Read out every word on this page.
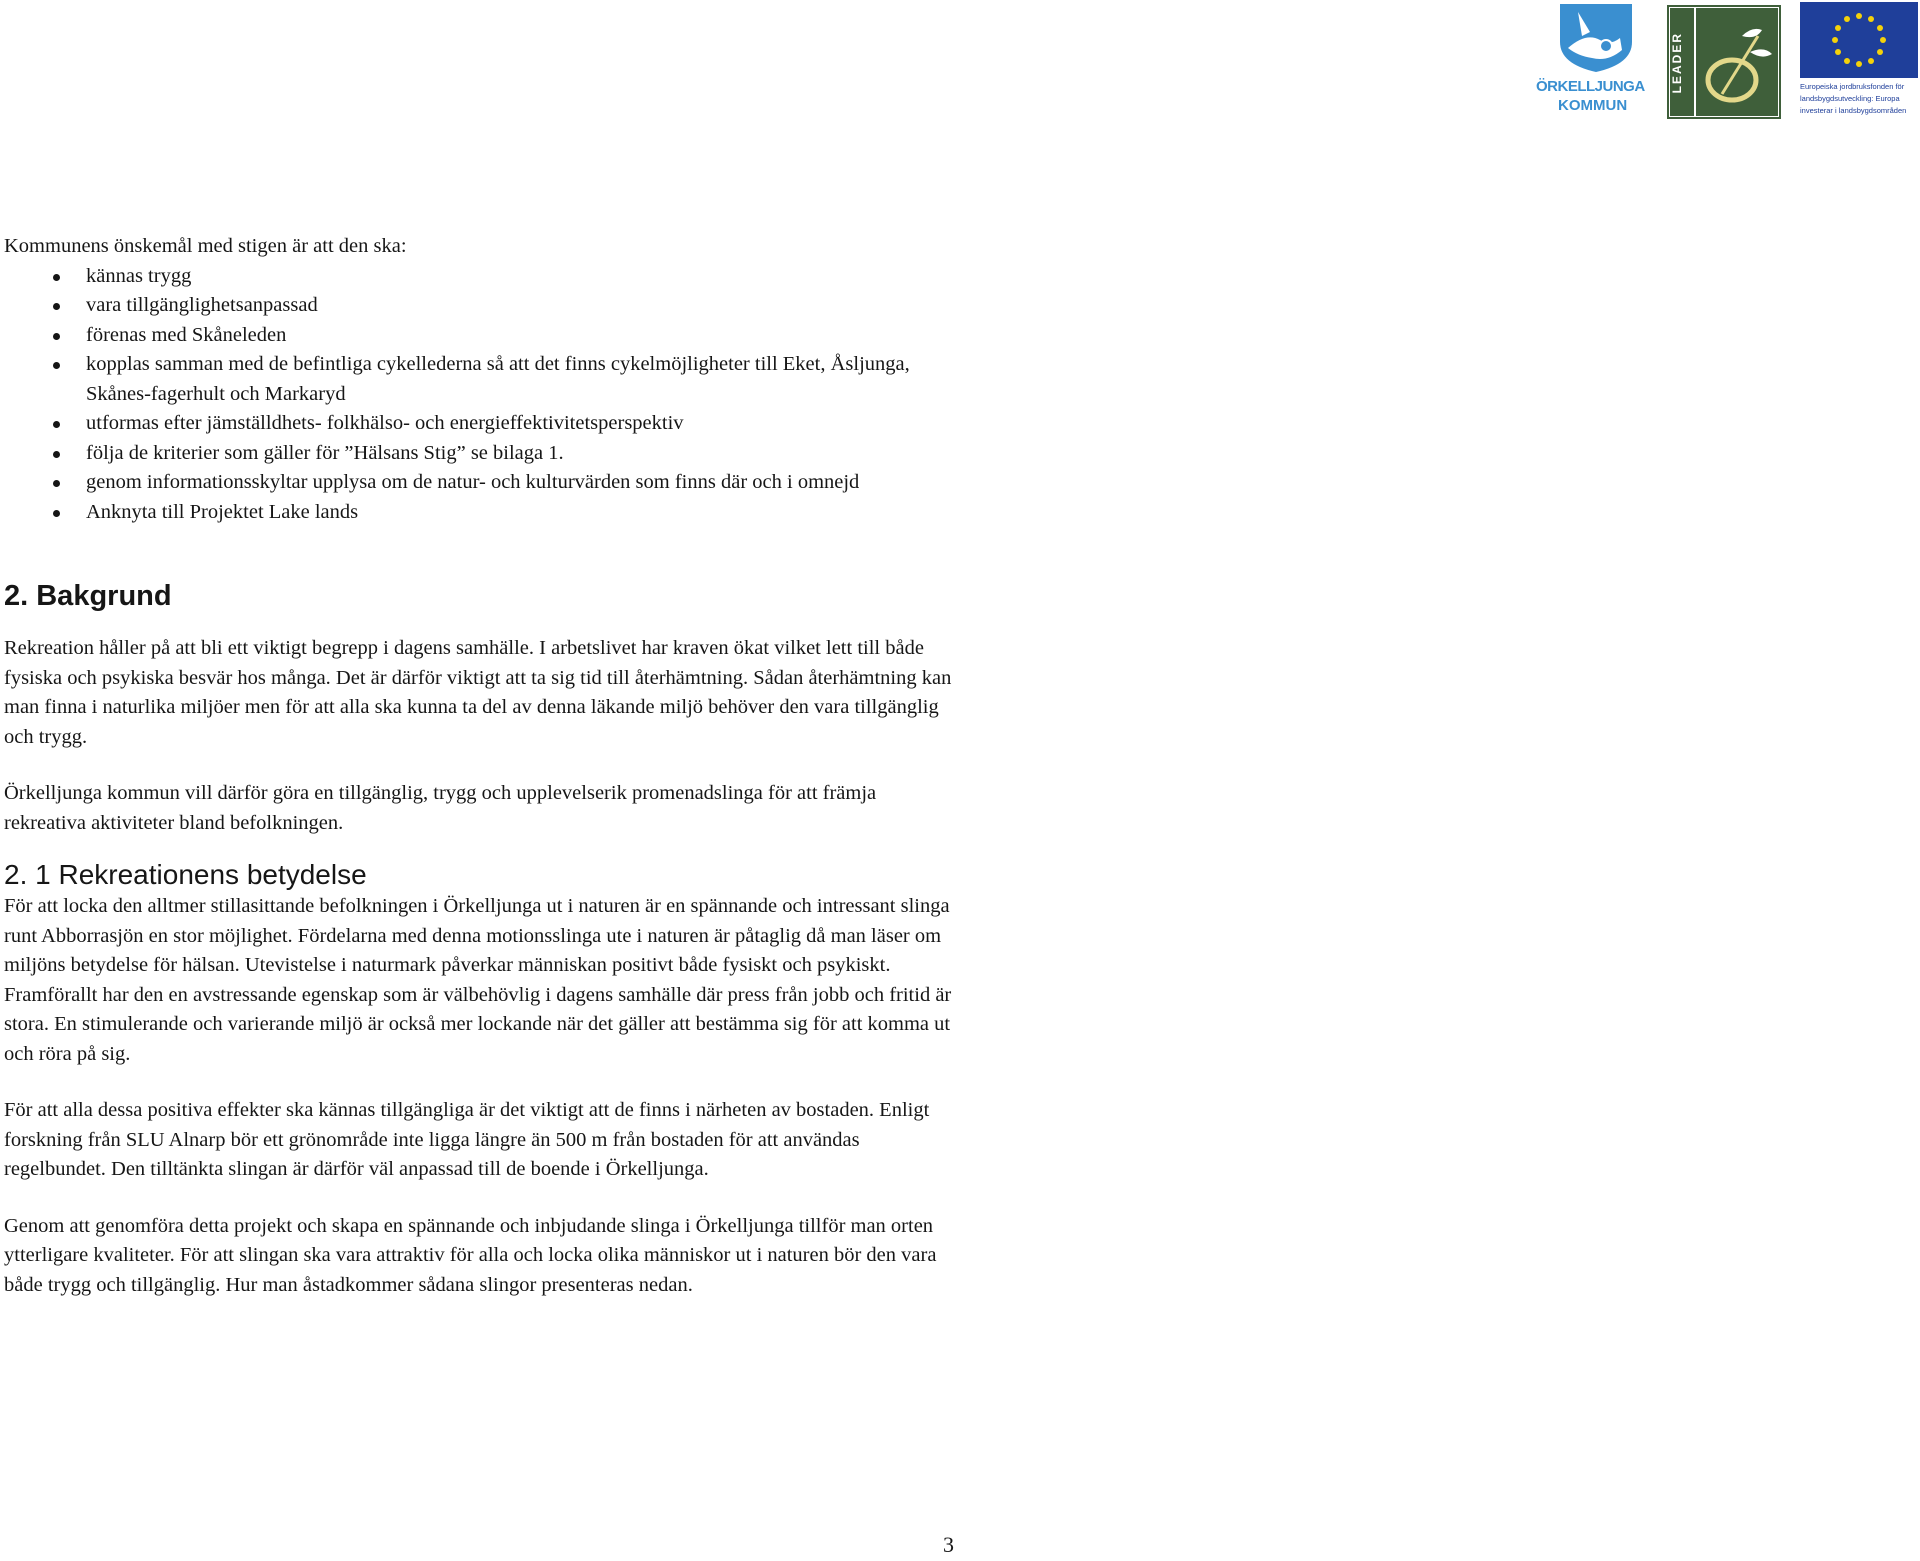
ÖRKELLJUNGA
KOMMUN
LEADER	Europeiska jordbruksfonden för
landsbygdsutveckling: Europa
investerar i landsbygdsområden

Kommunens önskemål med stigen är att den ska:

kännas trygg
vara tillgänglighetsanpassad
förenas med Skåneleden
kopplas samman med de befintliga cykellederna så att det finns cykelmöjligheter till Eket, Åsljunga, Skånes-fagerhult och Markaryd
utformas efter jämställdhets- folkhälso- och energieffektivitetsperspektiv
följa de kriterier som gäller för ”Hälsans Stig” se bilaga 1.
genom informationsskyltar upplysa om de natur- och kulturvärden som finns där och i omnejd
Anknyta till Projektet Lake lands
2. Bakgrund

Rekreation håller på att bli ett viktigt begrepp i dagens samhälle. I arbetslivet har kraven ökat vilket lett till både fysiska och psykiska besvär hos många. Det är därför viktigt att ta sig tid till återhämtning. Sådan återhämtning kan man finna i naturlika miljöer men för att alla ska kunna ta del av denna läkande miljö behöver den vara tillgänglig och trygg.

Örkelljunga kommun vill därför göra en tillgänglig, trygg och upplevelserik promenadslinga för att främja rekreativa aktiviteter bland befolkningen.

2. 1 Rekreationens betydelse

För att locka den alltmer stillasittande befolkningen i Örkelljunga ut i naturen är en spännande och intressant slinga runt Abborrasjön en stor möjlighet. Fördelarna med denna motionsslinga ute i naturen är påtaglig då man läser om miljöns betydelse för hälsan. Utevistelse i naturmark påverkar människan positivt både fysiskt och psykiskt. Framförallt har den en avstressande egenskap som är välbehövlig i dagens samhälle där press från jobb och fritid är stora. En stimulerande och varierande miljö är också mer lockande när det gäller att bestämma sig för att komma ut och röra på sig.

För att alla dessa positiva effekter ska kännas tillgängliga är det viktigt att de finns i närheten av bostaden. Enligt forskning från SLU Alnarp bör ett grönområde inte ligga längre än 500 m från bostaden för att användas regelbundet. Den tilltänkta slingan är därför väl anpassad till de boende i Örkelljunga.

Genom att genomföra detta projekt och skapa en spännande och inbjudande slinga i Örkelljunga tillför man orten ytterligare kvaliteter. För att slingan ska vara attraktiv för alla och locka olika människor ut i naturen bör den vara både trygg och tillgänglig. Hur man åstadkommer sådana slingor presenteras nedan.

3
